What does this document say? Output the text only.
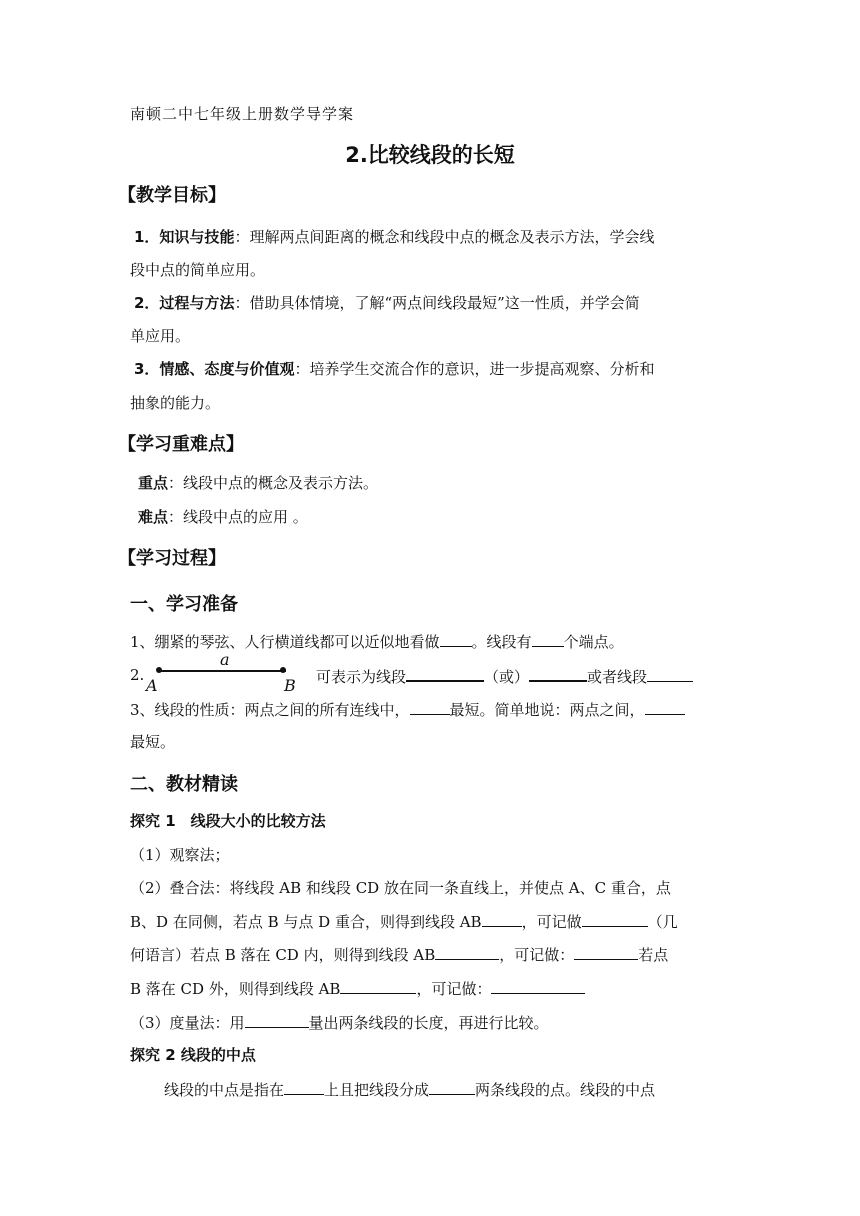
南顿二中七年级上册数学导学案
2.比较线段的长短
【教学目标】
1．知识与技能：理解两点间距离的概念和线段中点的概念及表示方法，学会线
段中点的简单应用。
2．过程与方法：借助具体情境，了解“两点间线段最短”这一性质，并学会简
单应用。
3．情感、态度与价值观：培养学生交流合作的意识，进一步提高观察、分析和
抽象的能力。
【学习重难点】
重点：线段中点的概念及表示方法。
难点：线段中点的应用 。
【学习过程】
一、学习准备
1、绷紧的琴弦、人行横道线都可以近似地看做 。线段有 个端点。
2.
a
A	B 可表示为线段	（或）	或者线段
3、线段的性质：两点之间的所有连线中，	最短。简单地说：两点之间，
最短。
二、教材精读
探究 1　线段大小的比较方法
（1）观察法；
（2）叠合法：将线段 AB 和线段 CD 放在同一条直线上，并使点 A、C 重合，点
B、D 在同侧，若点 B 与点 D 重合，则得到线段 AB	，可记做	（几
何语言）若点 B 落在 CD 内，则得到线段 AB	，可记做：	若点
B 落在 CD 外，则得到线段 AB	，可记做：
（3）度量法：用	量出两条线段的长度，再进行比较。
探究 2 线段的中点
线段的中点是指在	上且把线段分成	两条线段的点。线段的中点
